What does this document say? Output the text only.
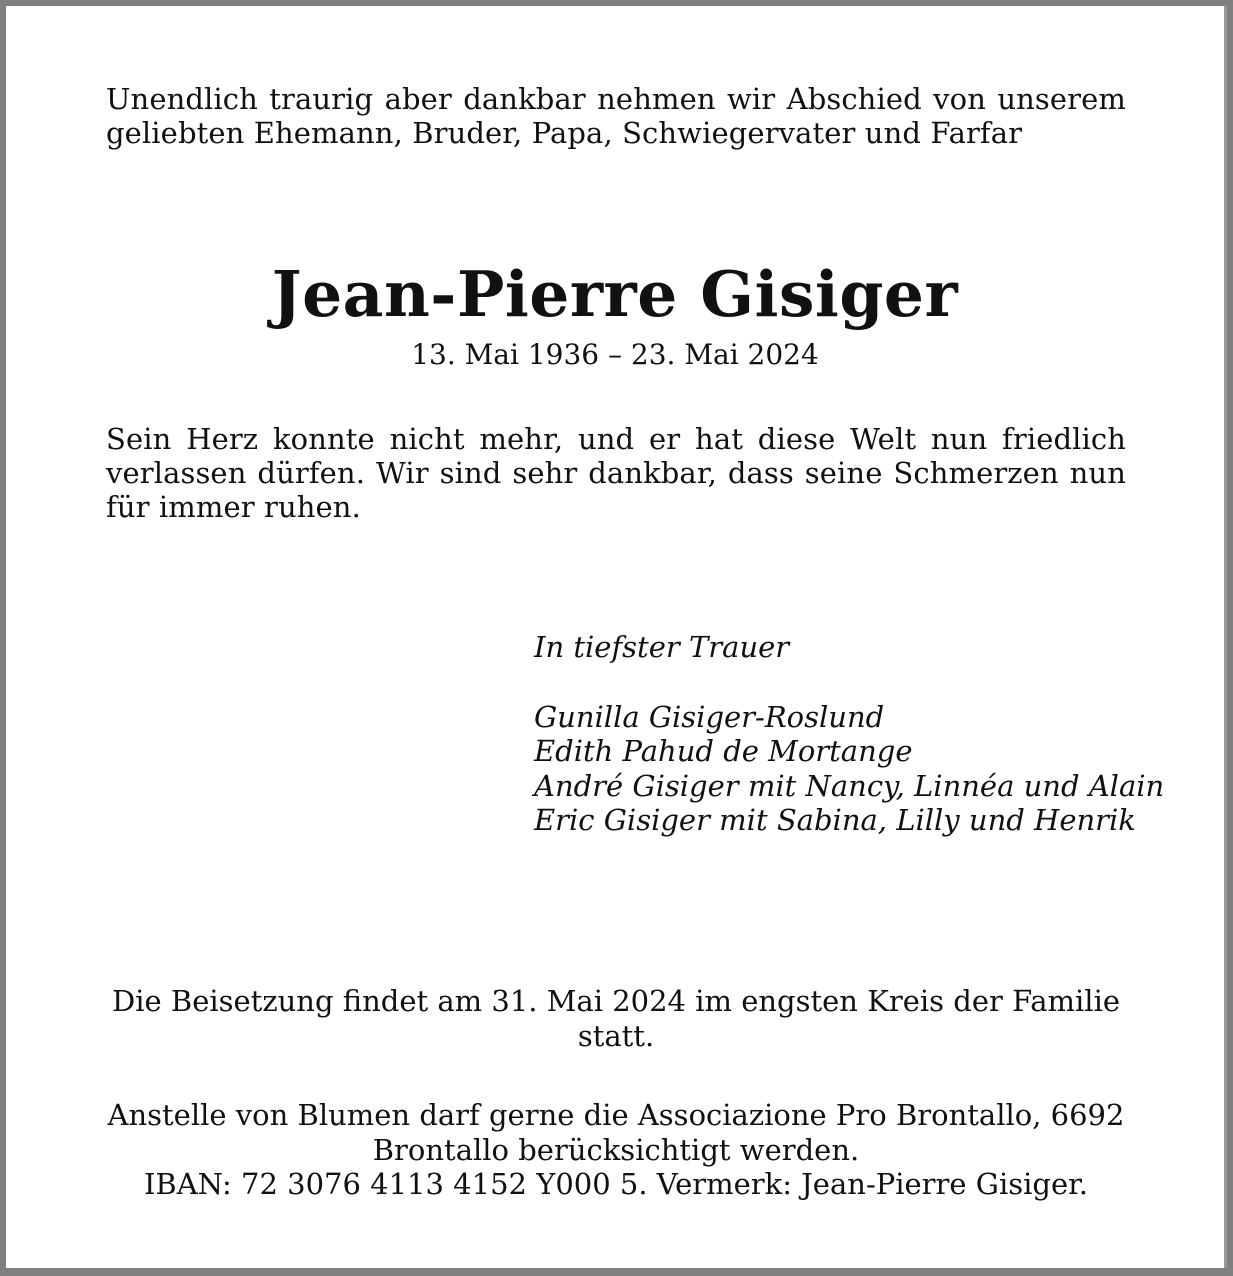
Unendlich traurig aber dankbar nehmen wir Abschied von unserem geliebten Ehemann, Bruder, Papa, Schwiegervater und Farfar

Jean-Pierre Gisiger

13. Mai 1936 – 23. Mai 2024

Sein Herz konnte nicht mehr, und er hat diese Welt nun friedlich verlassen dürfen. Wir sind sehr dankbar, dass seine Schmerzen nun für immer ruhen.

In tiefster Trauer
Gunilla Gisiger-Roslund
Edith Pahud de Mortange
André Gisiger mit Nancy, Linnéa und Alain
Eric Gisiger mit Sabina, Lilly und Henrik

Die Beisetzung findet am 31. Mai 2024 im engsten Kreis der Familie statt.

Anstelle von Blumen darf gerne die Associazione Pro Brontallo, 6692 Brontallo berücksichtigt werden.
IBAN: 72 3076 4113 4152 Y000 5. Vermerk: Jean-Pierre Gisiger.
